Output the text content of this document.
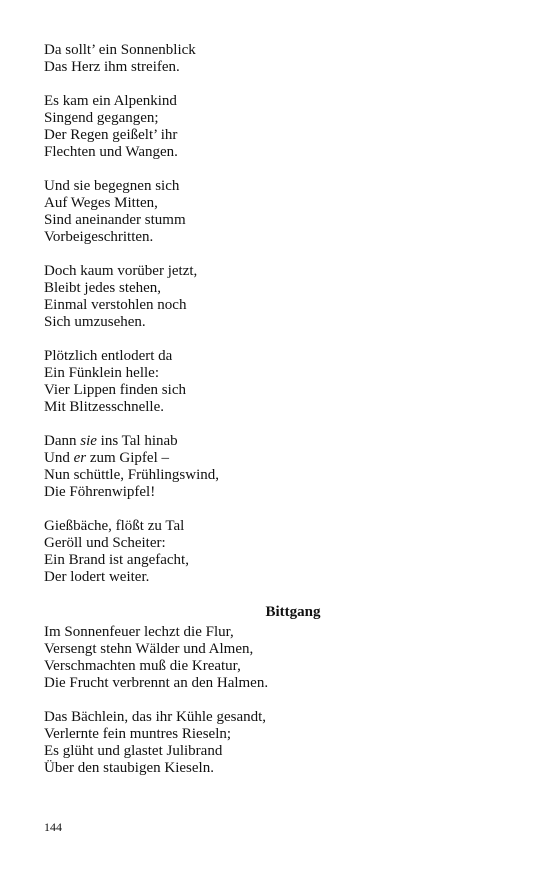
Da sollt’ ein Sonnenblick
Das Herz ihm streifen.
Es kam ein Alpenkind
Singend gegangen;
Der Regen geißelt’ ihr
Flechten und Wangen.
Und sie begegnen sich
Auf Weges Mitten,
Sind aneinander stumm
Vorbeigeschritten.
Doch kaum vorüber jetzt,
Bleibt jedes stehen,
Einmal verstohlen noch
Sich umzusehen.
Plötzlich entlodert da
Ein Fünklein helle:
Vier Lippen finden sich
Mit Blitzesschnelle.
Dann sie ins Tal hinab
Und er zum Gipfel –
Nun schüttle, Frühlingswind,
Die Föhrenwipfel!
Gießbäche, flößt zu Tal
Geröll und Scheiter:
Ein Brand ist angefacht,
Der lodert weiter.
Bittgang
Im Sonnenfeuer lechzt die Flur,
Versengt stehn Wälder und Almen,
Verschmachten muß die Kreatur,
Die Frucht verbrennt an den Halmen.
Das Bächlein, das ihr Kühle gesandt,
Verlernte fein muntres Rieseln;
Es glüht und glastet Julibrand
Über den staubigen Kieseln.
144
